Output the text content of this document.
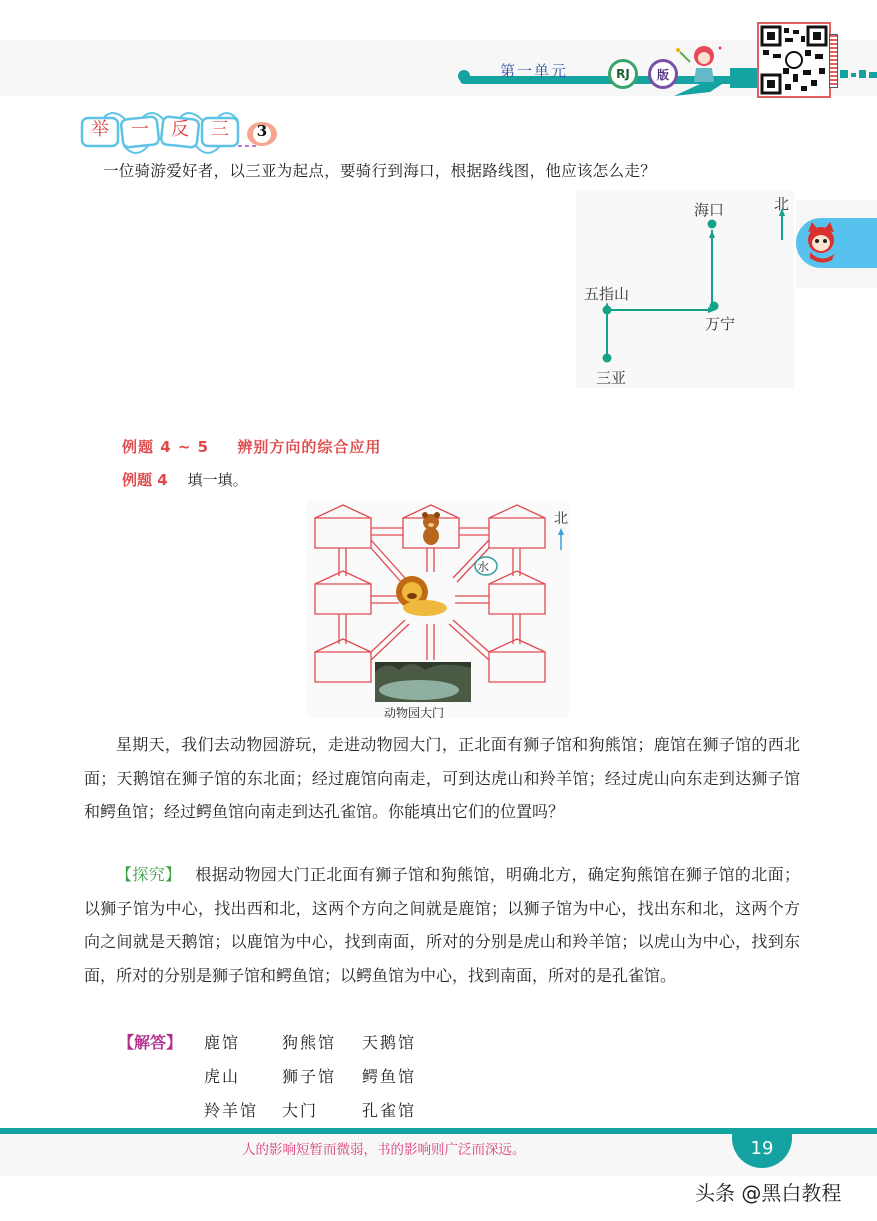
第一单元	RJ	版
举	一	反	三	3
一位骑游爱好者，以三亚为起点，要骑行到海口，根据路线图，他应该怎么走？
三亚
五指山
万宁
海口	北
例题 4 ~ 5 辨别方向的综合应用
例题 4 填一填。
水
动物园大门
北

星期天，我们去动物园游玩，走进动物园大门，正北面有狮子馆和狗熊馆；鹿馆在狮子馆的西北面；天鹅馆在狮子馆的东北面；经过鹿馆向南走，可到达虎山和羚羊馆；经过虎山向东走到达狮子馆和鳄鱼馆；经过鳄鱼馆向南走到达孔雀馆。你能填出它们的位置吗？

【探究】 根据动物园大门正北面有狮子馆和狗熊馆，明确北方，确定狗熊馆在狮子馆的北面；以狮子馆为中心，找出西和北，这两个方向之间就是鹿馆；以狮子馆为中心，找出东和北，这两个方向之间就是天鹅馆；以鹿馆为中心，找到南面，所对的分别是虎山和羚羊馆；以虎山为中心，找到东面，所对的分别是狮子馆和鳄鱼馆；以鳄鱼馆为中心，找到南面，所对的是孔雀馆。

【解答】 鹿馆	狗熊馆 天鹅馆
虎山	狮子馆 鳄鱼馆
羚羊馆 大门	孔雀馆
人的影响短暂而微弱，书的影响则广泛而深远。	19
头条 @黑白教程
